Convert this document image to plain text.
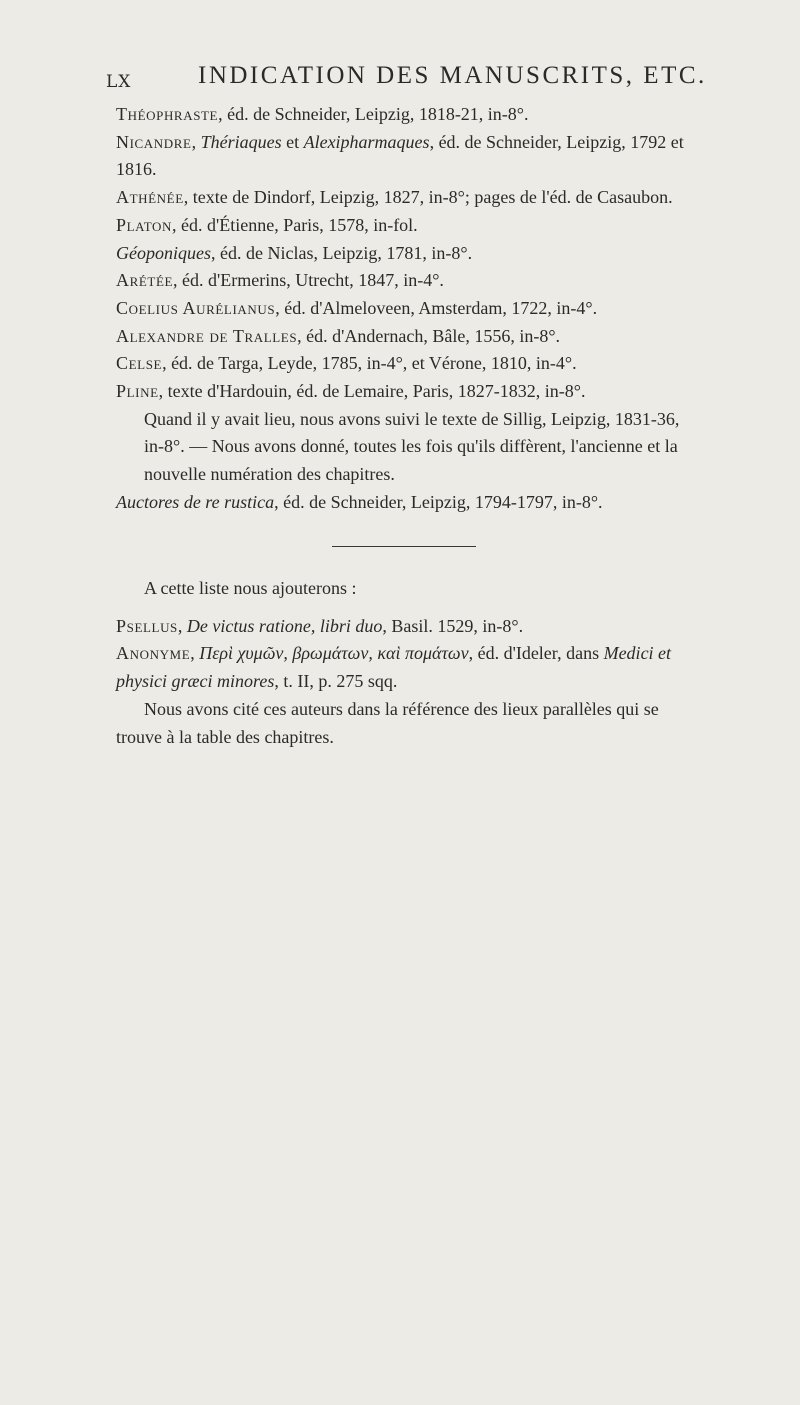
LX	INDICATION DES MANUSCRITS, ETC.

Théophraste, éd. de Schneider, Leipzig, 1818-21, in-8°.

Nicandre, Thériaques et Alexipharmaques, éd. de Schneider, Leipzig, 1792 et 1816.

Athénée, texte de Dindorf, Leipzig, 1827, in-8°; pages de l'éd. de Casaubon.

Platon, éd. d'Étienne, Paris, 1578, in-fol.

Géoponiques, éd. de Niclas, Leipzig, 1781, in-8°.

Arétée, éd. d'Ermerins, Utrecht, 1847, in-4°.

Coelius Aurélianus, éd. d'Almeloveen, Amsterdam, 1722, in-4°.

Alexandre de Tralles, éd. d'Andernach, Bâle, 1556, in-8°.

Celse, éd. de Targa, Leyde, 1785, in-4°, et Vérone, 1810, in-4°.

Pline, texte d'Hardouin, éd. de Lemaire, Paris, 1827-1832, in-8°.

Quand il y avait lieu, nous avons suivi le texte de Sillig, Leipzig, 1831-36, in-8°. — Nous avons donné, toutes les fois qu'ils diffèrent, l'ancienne et la nouvelle numération des chapitres.

Auctores de re rustica, éd. de Schneider, Leipzig, 1794-1797, in-8°.

A cette liste nous ajouterons :

Psellus, De victus ratione, libri duo, Basil. 1529, in-8°.

Anonyme, Περὶ χυμῶν, βρωμάτων, καὶ πομάτων, éd. d'Ideler, dans Medici et physici græci minores, t. II, p. 275 sqq.

Nous avons cité ces auteurs dans la référence des lieux parallèles qui se trouve à la table des chapitres.
